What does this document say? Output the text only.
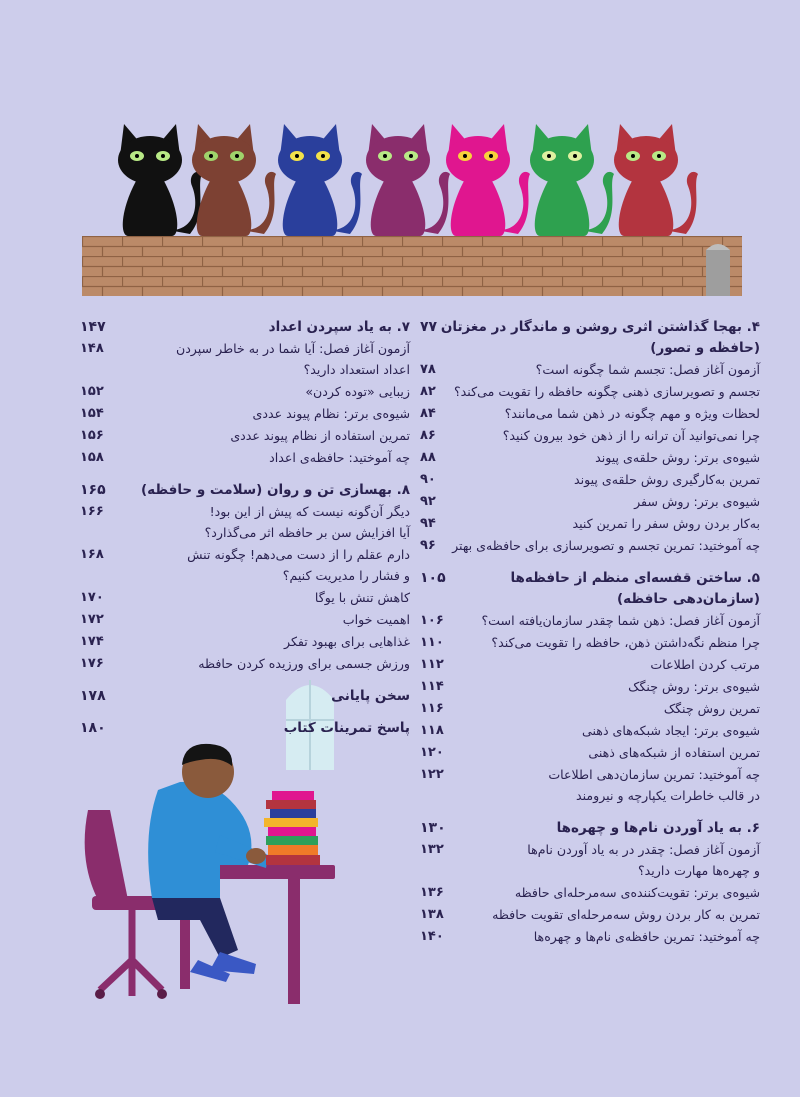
۴. بهجا گذاشتن اثری روشن و ماندگار در مغزتان
۷۷
(حافظه و تصور)
آزمون آغاز فصل: تجسم شما چگونه است؟
۷۸
تجسم و تصویرسازی ذهنی چگونه حافظه را تقویت می‌کند؟
۸۲
لحظات ویژه و مهم چگونه در ذهن شما می‌مانند؟
۸۴
چرا نمی‌توانید آن ترانه را از ذهن خود بیرون کنید؟
۸۶
شیوه‌ی برتر: روش حلقه‌ی پیوند
۸۸
تمرین به‌کارگیری روش حلقه‌ی پیوند
۹۰
شیوه‌ی برتر: روش سفر
۹۲
به‌کار بردن روش سفر را تمرین کنید
۹۴
چه آموختید: تمرین تجسم و تصویرسازی برای حافظه‌ی بهتر
۹۶
۵. ساختن قفسه‌ای منظم از حافظه‌ها
۱۰۵
(سازمان‌دهی حافظه)
آزمون آغاز فصل: ذهن شما چقدر سازمان‌یافته است؟
۱۰۶
چرا منظم نگه‌داشتن ذهن، حافظه را تقویت می‌کند؟
۱۱۰
مرتب کردن اطلاعات
۱۱۲
شیوه‌ی برتر: روش چنگک
۱۱۴
تمرین روش چنگک
۱۱۶
شیوه‌ی برتر: ایجاد شبکه‌های ذهنی
۱۱۸
تمرین استفاده از شبکه‌های ذهنی
۱۲۰
چه آموختید: تمرین سازمان‌دهی اطلاعات
۱۲۲
در قالب خاطرات یکپارچه و نیرومند
۶. به یاد آوردن نام‌ها و چهره‌ها
۱۳۰
آزمون آغاز فصل: چقدر در به یاد آوردن نام‌ها
۱۳۲
و چهره‌ها مهارت دارید؟
شیوه‌ی برتر: تقویت‌کننده‌ی سه‌مرحله‌ای حافظه
۱۳۶
تمرین به کار بردن روش سه‌مرحله‌ای تقویت حافظه
۱۳۸
چه آموختید: تمرین حافظه‌ی نام‌ها و چهره‌ها
۱۴۰
۷. به یاد سپردن اعداد
۱۴۷
آزمون آغاز فصل: آیا شما در به خاطر سپردن
۱۴۸
اعداد استعداد دارید؟
زیبایی «توده کردن»
۱۵۲
شیوه‌ی برتر: نظام پیوند عددی
۱۵۴
تمرین استفاده از نظام پیوند عددی
۱۵۶
چه آموختید: حافظه‌ی اعداد
۱۵۸
۸. بهسازی تن و روان (سلامت و حافظه)
۱۶۵
دیگر آن‌گونه نیست که پیش از این بود!
۱۶۶
آیا افزایش سن بر حافظه اثر می‌گذارد؟
دارم عقلم را از دست می‌دهم! چگونه تنش
۱۶۸
و فشار را مدیریت کنیم؟
کاهش تنش با یوگا
۱۷۰
اهمیت خواب
۱۷۲
غذاهایی برای بهبود تفکر
۱۷۴
ورزش جسمی برای ورزیده کردن حافظه
۱۷۶
سخن پایانی
۱۷۸
پاسخ تمرینات کتاب
۱۸۰
